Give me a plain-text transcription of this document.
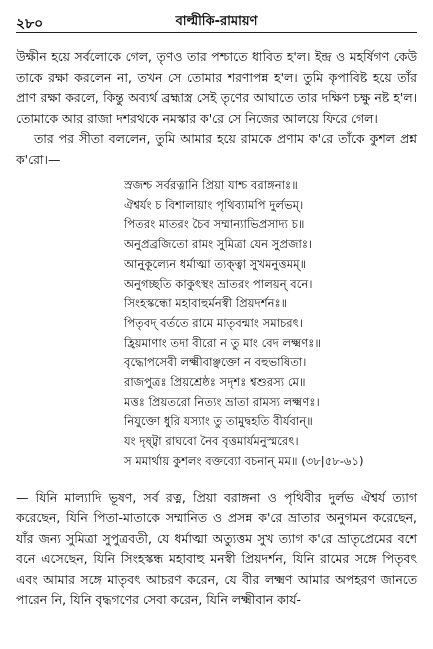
২৮০	বাল্মীকি-রামায়ণ

উক্ষীন হয়ে সর্বলোকে গেল, তৃণও তার পশ্চাতে ধাবিত হ'ল। ইন্দ্র ও মহর্ষিগণ কেউ তাকে রক্ষা করলেন না, তখন সে তোমার শরণাপন্ন হ'ল। তুমি কৃপাবিষ্ট হয়ে তাঁর প্রাণ রক্ষা করলে, কিন্তু অব্যর্থ ব্রহ্মাস্ত্র সেই তৃণের আঘাতে তার দক্ষিণ চক্ষু নষ্ট হ'ল। তোমাকে আর রাজা দশরথকে নমস্কার ক'রে সে নিজের আলয়ে ফিরে গেল।

তার পর সীতা বললেন, তুমি আমার হয়ে রামকে প্রণাম ক'রে তাঁকে কুশল প্রশ্ন ক'রো।—

স্রজশ্চ সর্বরত্নানি প্রিয়া যাশ্চ বরাঙ্গনাঃ॥
ঐশ্বর্যং চ বিশালায়াং পৃথিব্যামপি দুর্লভম্।
পিতরং মাতরং চৈব সম্মান্যাভিপ্রসাদ্য চ॥
অনুপ্রব্রজিতো রামং সুমিত্রা যেন সুপ্রজাঃ।
আনুকূল্যেন ধর্মাত্মা ত্যক্ত্বা সুখমনুত্তমম্॥
অনুগচ্ছতি কাকুৎস্থং ভ্রাতরং পালয়ন্ বনে।
সিংহস্কন্ধো মহাবাহুর্মনস্বী প্রিয়দর্শনঃ॥
পিতৃবদ্ বর্ততে রামে মাতৃবন্মাং সমাচরৎ।
হ্রিয়মাণাং তদা বীরো ন তু মাং বেদ লক্ষ্মণঃ॥
বৃদ্ধোপসেবী লক্ষ্মীবাঞ্ছক্তো ন বহুভাষিতা।
রাজপুত্রঃ প্রিয়শ্রেষ্ঠঃ সদৃশঃ শ্বশুরস্য মে॥
মত্তঃ প্রিয়তরো নিত্যং ভ্রাতা রামস্য লক্ষ্মণঃ।
নিযুক্তো ধুরি যস্যাং তু তামুদ্বহতি বীর্যবান্॥
যং দৃষ্ট্বা রাঘবো নৈব বৃত্তমার্যমনুস্মরেৎ।
স মমার্থায় কুশলং বক্তব্যো বচনান্ মম॥ (৩৮|৫৮-৬১)

— যিনি মাল্যাদি ভূষণ, সর্ব রত্ন, প্রিয়া বরাঙ্গনা ও পৃথিবীর দুর্লভ ঐশ্বর্য ত্যাগ করেছেন, যিনি পিতা-মাতাকে সম্মানিত ও প্রসন্ন ক'রে ভ্রাতার অনুগমন করেছেন, যাঁর জন্য সুমিত্রা সুপুত্রবতী, যে ধর্মাত্মা অত্যুত্তম সুখ ত্যাগ ক'রে ভ্রাতৃপ্রেমের বশে বনে এসেছেন, যিনি সিংহস্কন্ধ মহাবাহু মনস্বী প্রিয়দর্শন, যিনি রামের সঙ্গে পিতৃবৎ এবং আমার সঙ্গে মাতৃবৎ আচরণ করেন, যে বীর লক্ষ্মণ আমার অপহরণ জানতে পারেন নি, যিনি বৃদ্ধগণের সেবা করেন, যিনি লক্ষ্মীবান কার্য-
